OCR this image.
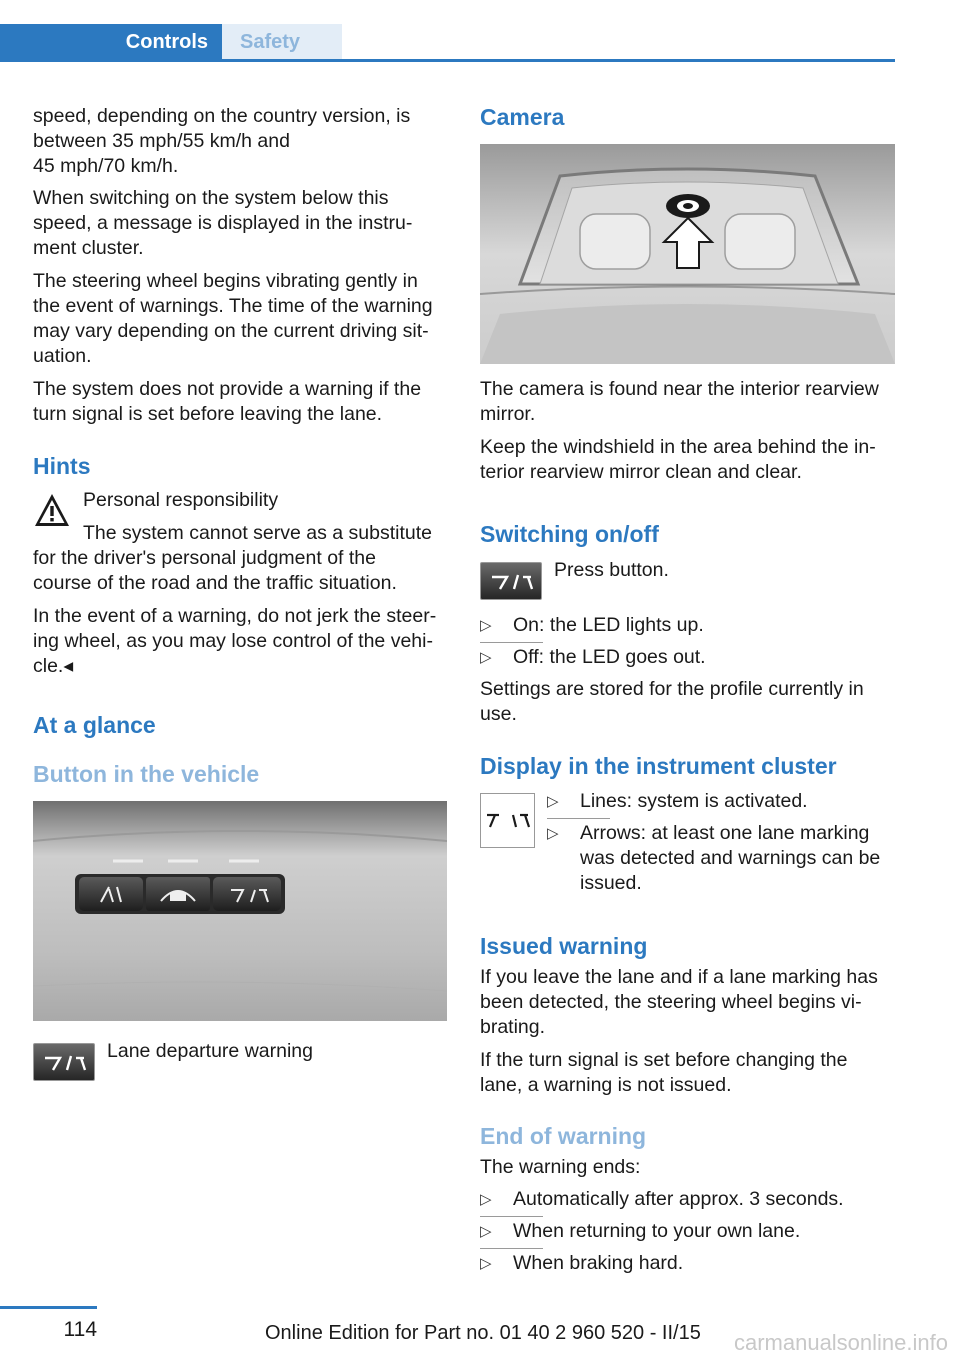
Controls	Safety
speed, depending on the country version, is
between 35 mph/55 km/h and
45 mph/70 km/h.
When switching on the system below this
speed, a message is displayed in the instru-
ment cluster.
The steering wheel begins vibrating gently in
the event of warnings. The time of the warning
may vary depending on the current driving sit-
uation.
The system does not provide a warning if the
turn signal is set before leaving the lane.
Hints
Personal responsibility
The system cannot serve as a substitute
for the driver's personal judgment of the
course of the road and the traffic situation.
In the event of a warning, do not jerk the steer-
ing wheel, as you may lose control of the vehi-
cle.◂
At a glance
Button in the vehicle
Lane departure warning
Camera
The camera is found near the interior rearview
mirror.
Keep the windshield in the area behind the in-
terior rearview mirror clean and clear.
Switching on/off
Press button.
▷ On: the LED lights up.
▷ Off: the LED goes out.
Settings are stored for the profile currently in
use.
Display in the instrument cluster
▷ Lines: system is activated.
▷ Arrows: at least one lane marking
was detected and warnings can be
issued.
Issued warning
If you leave the lane and if a lane marking has
been detected, the steering wheel begins vi-
brating.
If the turn signal is set before changing the
lane, a warning is not issued.
End of warning
The warning ends:
▷ Automatically after approx. 3 seconds.
▷ When returning to your own lane.
▷ When braking hard.
114	Online Edition for Part no. 01 40 2 960 520 - II/15 carmanualsonline.info
